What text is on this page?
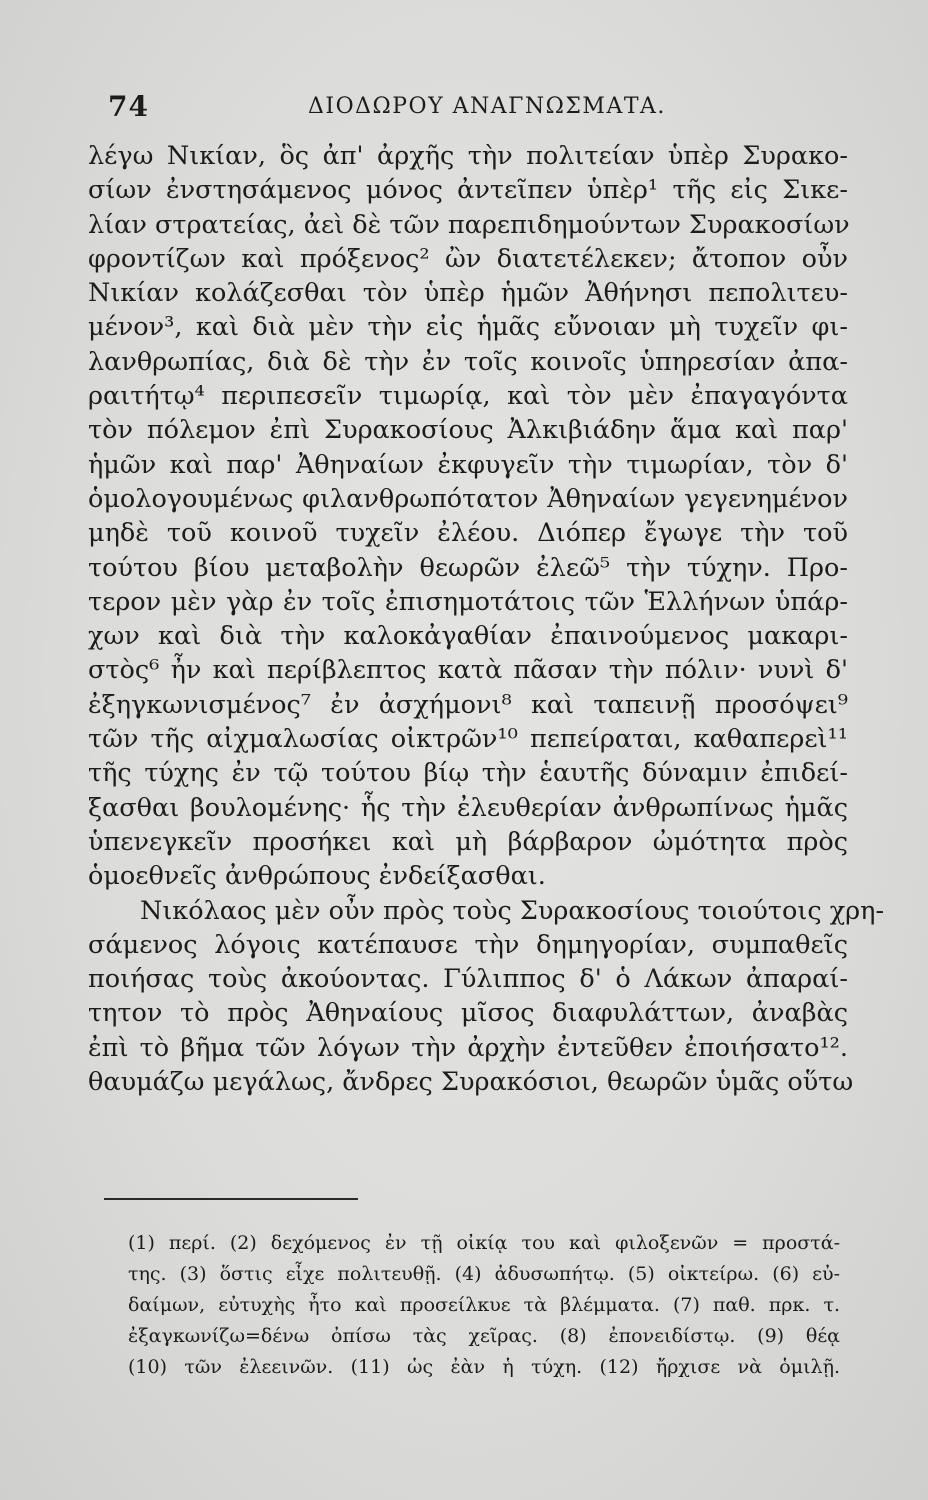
74	ΔΙΟΔΩΡΟΥ ΑΝΑΓΝΩΣΜΑΤΑ.
λέγω Νικίαν, ὃς ἀπ' ἀρχῆς τὴν πολιτείαν ὑπὲρ Συρακο-
σίων ἐνστησάμενος μόνος ἀντεῖπεν ὑπὲρ¹ τῆς εἰς Σικε-
λίαν στρατείας, ἀεὶ δὲ τῶν παρεπιδημούντων Συρακοσίων
φροντίζων καὶ πρόξενος² ὢν διατετέλεκεν; ἄτοπον οὖν
Νικίαν κολάζεσθαι τὸν ὑπὲρ ἡμῶν Ἀθήνησι πεπολιτευ-
μένον³, καὶ διὰ μὲν τὴν εἰς ἡμᾶς εὔνοιαν μὴ τυχεῖν φι-
λανθρωπίας, διὰ δὲ τὴν ἐν τοῖς κοινοῖς ὑπηρεσίαν ἀπα-
ραιτήτῳ⁴ περιπεσεῖν τιμωρίᾳ, καὶ τὸν μὲν ἐπαγαγόντα
τὸν πόλεμον ἐπὶ Συρακοσίους Ἀλκιβιάδην ἅμα καὶ παρ'
ἡμῶν καὶ παρ' Ἀθηναίων ἐκφυγεῖν τὴν τιμωρίαν, τὸν δ'
ὁμολογουμένως φιλανθρωπότατον Ἀθηναίων γεγενημένον
μηδὲ τοῦ κοινοῦ τυχεῖν ἐλέου. Διόπερ ἔγωγε τὴν τοῦ
τούτου βίου μεταβολὴν θεωρῶν ἐλεῶ⁵ τὴν τύχην. Προ-
τερον μὲν γὰρ ἐν τοῖς ἐπισημοτάτοις τῶν Ἑλλήνων ὑπάρ-
χων καὶ διὰ τὴν καλοκἀγαθίαν ἐπαινούμενος μακαρι-
στὸς⁶ ἦν καὶ περίβλεπτος κατὰ πᾶσαν τὴν πόλιν· νυνὶ δ'
ἐξηγκωνισμένος⁷ ἐν ἀσχήμονι⁸ καὶ ταπεινῇ προσόψει⁹
τῶν τῆς αἰχμαλωσίας οἰκτρῶν¹⁰ πεπείραται, καθαπερεὶ¹¹
τῆς τύχης ἐν τῷ τούτου βίῳ τὴν ἑαυτῆς δύναμιν ἐπιδεί-
ξασθαι βουλομένης· ἧς τὴν ἐλευθερίαν ἀνθρωπίνως ἡμᾶς
ὑπενεγκεῖν προσήκει καὶ μὴ βάρβαρον ὠμότητα πρὸς
ὁμοεθνεῖς ἀνθρώπους ἐνδείξασθαι.
Νικόλαος μὲν οὖν πρὸς τοὺς Συρακοσίους τοιούτοις χρη-
σάμενος λόγοις κατέπαυσε τὴν δημηγορίαν, συμπαθεῖς
ποιήσας τοὺς ἀκούοντας. Γύλιππος δ' ὁ Λάκων ἀπαραί-
τητον τὸ πρὸς Ἀθηναίους μῖσος διαφυλάττων, ἀναβὰς
ἐπὶ τὸ βῆμα τῶν λόγων τὴν ἀρχὴν ἐντεῦθεν ἐποιήσατο¹².
θαυμάζω μεγάλως, ἄνδρες Συρακόσιοι, θεωρῶν ὑμᾶς οὕτω
(1) περί. (2) δεχόμενος ἐν τῇ οἰκίᾳ του καὶ φιλοξενῶν = προστά-
της. (3) ὅστις εἶχε πολιτευθῇ. (4) ἀδυσωπήτῳ. (5) οἰκτείρω. (6) εὐ-
δαίμων, εὐτυχὴς ἦτο καὶ προσείλκυε τὰ βλέμματα. (7) παθ. πρκ. τ.
ἐξαγκωνίζω=δένω ὀπίσω τὰς χεῖρας. (8) ἐπονειδίστῳ. (9) θέᾳ
(10) τῶν ἐλεεινῶν. (11) ὡς ἐὰν ἡ τύχη. (12) ἤρχισε νὰ ὁμιλῇ.
